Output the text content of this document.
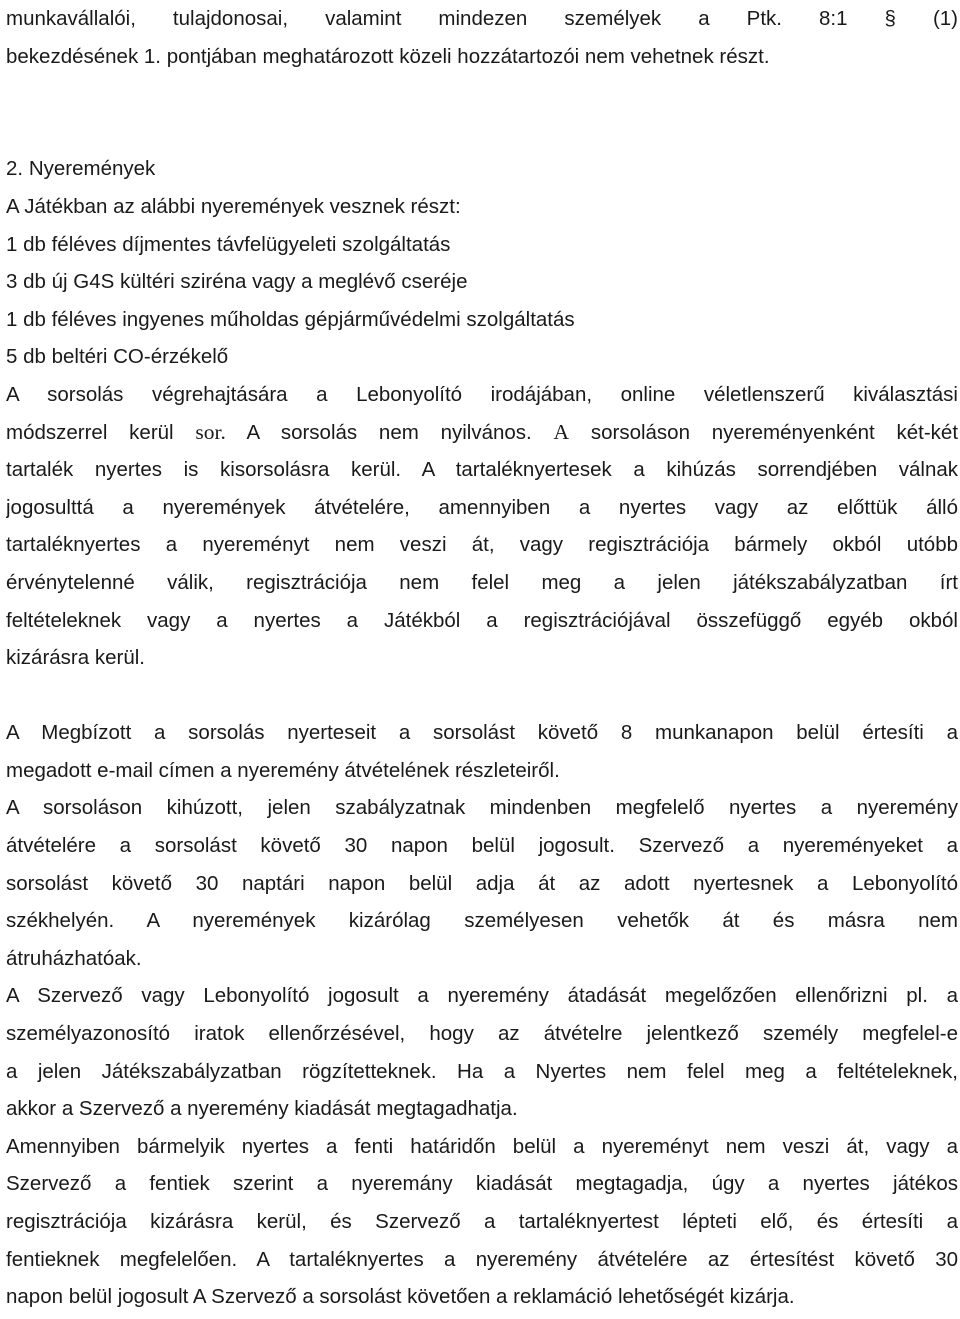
munkavállalói, tulajdonosai, valamint mindezen személyek a Ptk. 8:1 § (1)
bekezdésének 1. pontjában meghatározott közeli hozzátartozói nem vehetnek részt.
2. Nyeremények
A Játékban az alábbi nyeremények vesznek részt:
1 db féléves díjmentes távfelügyeleti szolgáltatás
3 db új G4S kültéri sziréna vagy a meglévő cseréje
1 db féléves ingyenes műholdas gépjárművédelmi szolgáltatás
5 db beltéri CO-érzékelő
A sorsolás végrehajtására a Lebonyolító irodájában, online véletlenszerű kiválasztási
módszerrel kerül sor. A sorsolás nem nyilvános. A sorsoláson nyereményenként két-két
tartalék nyertes is kisorsolásra kerül. A tartaléknyertesek a kihúzás sorrendjében válnak
jogosulttá a nyeremények átvételére, amennyiben a nyertes vagy az előttük álló
tartaléknyertes a nyereményt nem veszi át, vagy regisztrációja bármely okból utóbb
érvénytelenné válik, regisztrációja nem felel meg a jelen játékszabályzatban írt
feltételeknek vagy a nyertes a Játékból a regisztrációjával összefüggő egyéb okból
kizárásra kerül.
A Megbízott a sorsolás nyerteseit a sorsolást követő 8 munkanapon belül értesíti a
megadott e-mail címen a nyeremény átvételének részleteiről.
A sorsoláson kihúzott, jelen szabályzatnak mindenben megfelelő nyertes a nyeremény
átvételére a sorsolást követő 30 napon belül jogosult. Szervező a nyereményeket a
sorsolást követő 30 naptári napon belül adja át az adott nyertesnek a Lebonyolító
székhelyén. A nyeremények kizárólag személyesen vehetők át és másra nem
átruházhatóak.
A Szervező vagy Lebonyolító jogosult a nyeremény átadását megelőzően ellenőrizni pl. a
személyazonosító iratok ellenőrzésével, hogy az átvételre jelentkező személy megfelel-e
a jelen Játékszabályzatban rögzítetteknek. Ha a Nyertes nem felel meg a feltételeknek,
akkor a Szervező a nyeremény kiadását megtagadhatja.
Amennyiben bármelyik nyertes a fenti határidőn belül a nyereményt nem veszi át, vagy a
Szervező a fentiek szerint a nyeremány kiadását megtagadja, úgy a nyertes játékos
regisztrációja kizárásra kerül, és Szervező a tartaléknyertest lépteti elő, és értesíti a
fentieknek megfelelően. A tartaléknyertes a nyeremény átvételére az értesítést követő 30
napon belül jogosult A Szervező a sorsolást követően a reklamáció lehetőségét kizárja.
